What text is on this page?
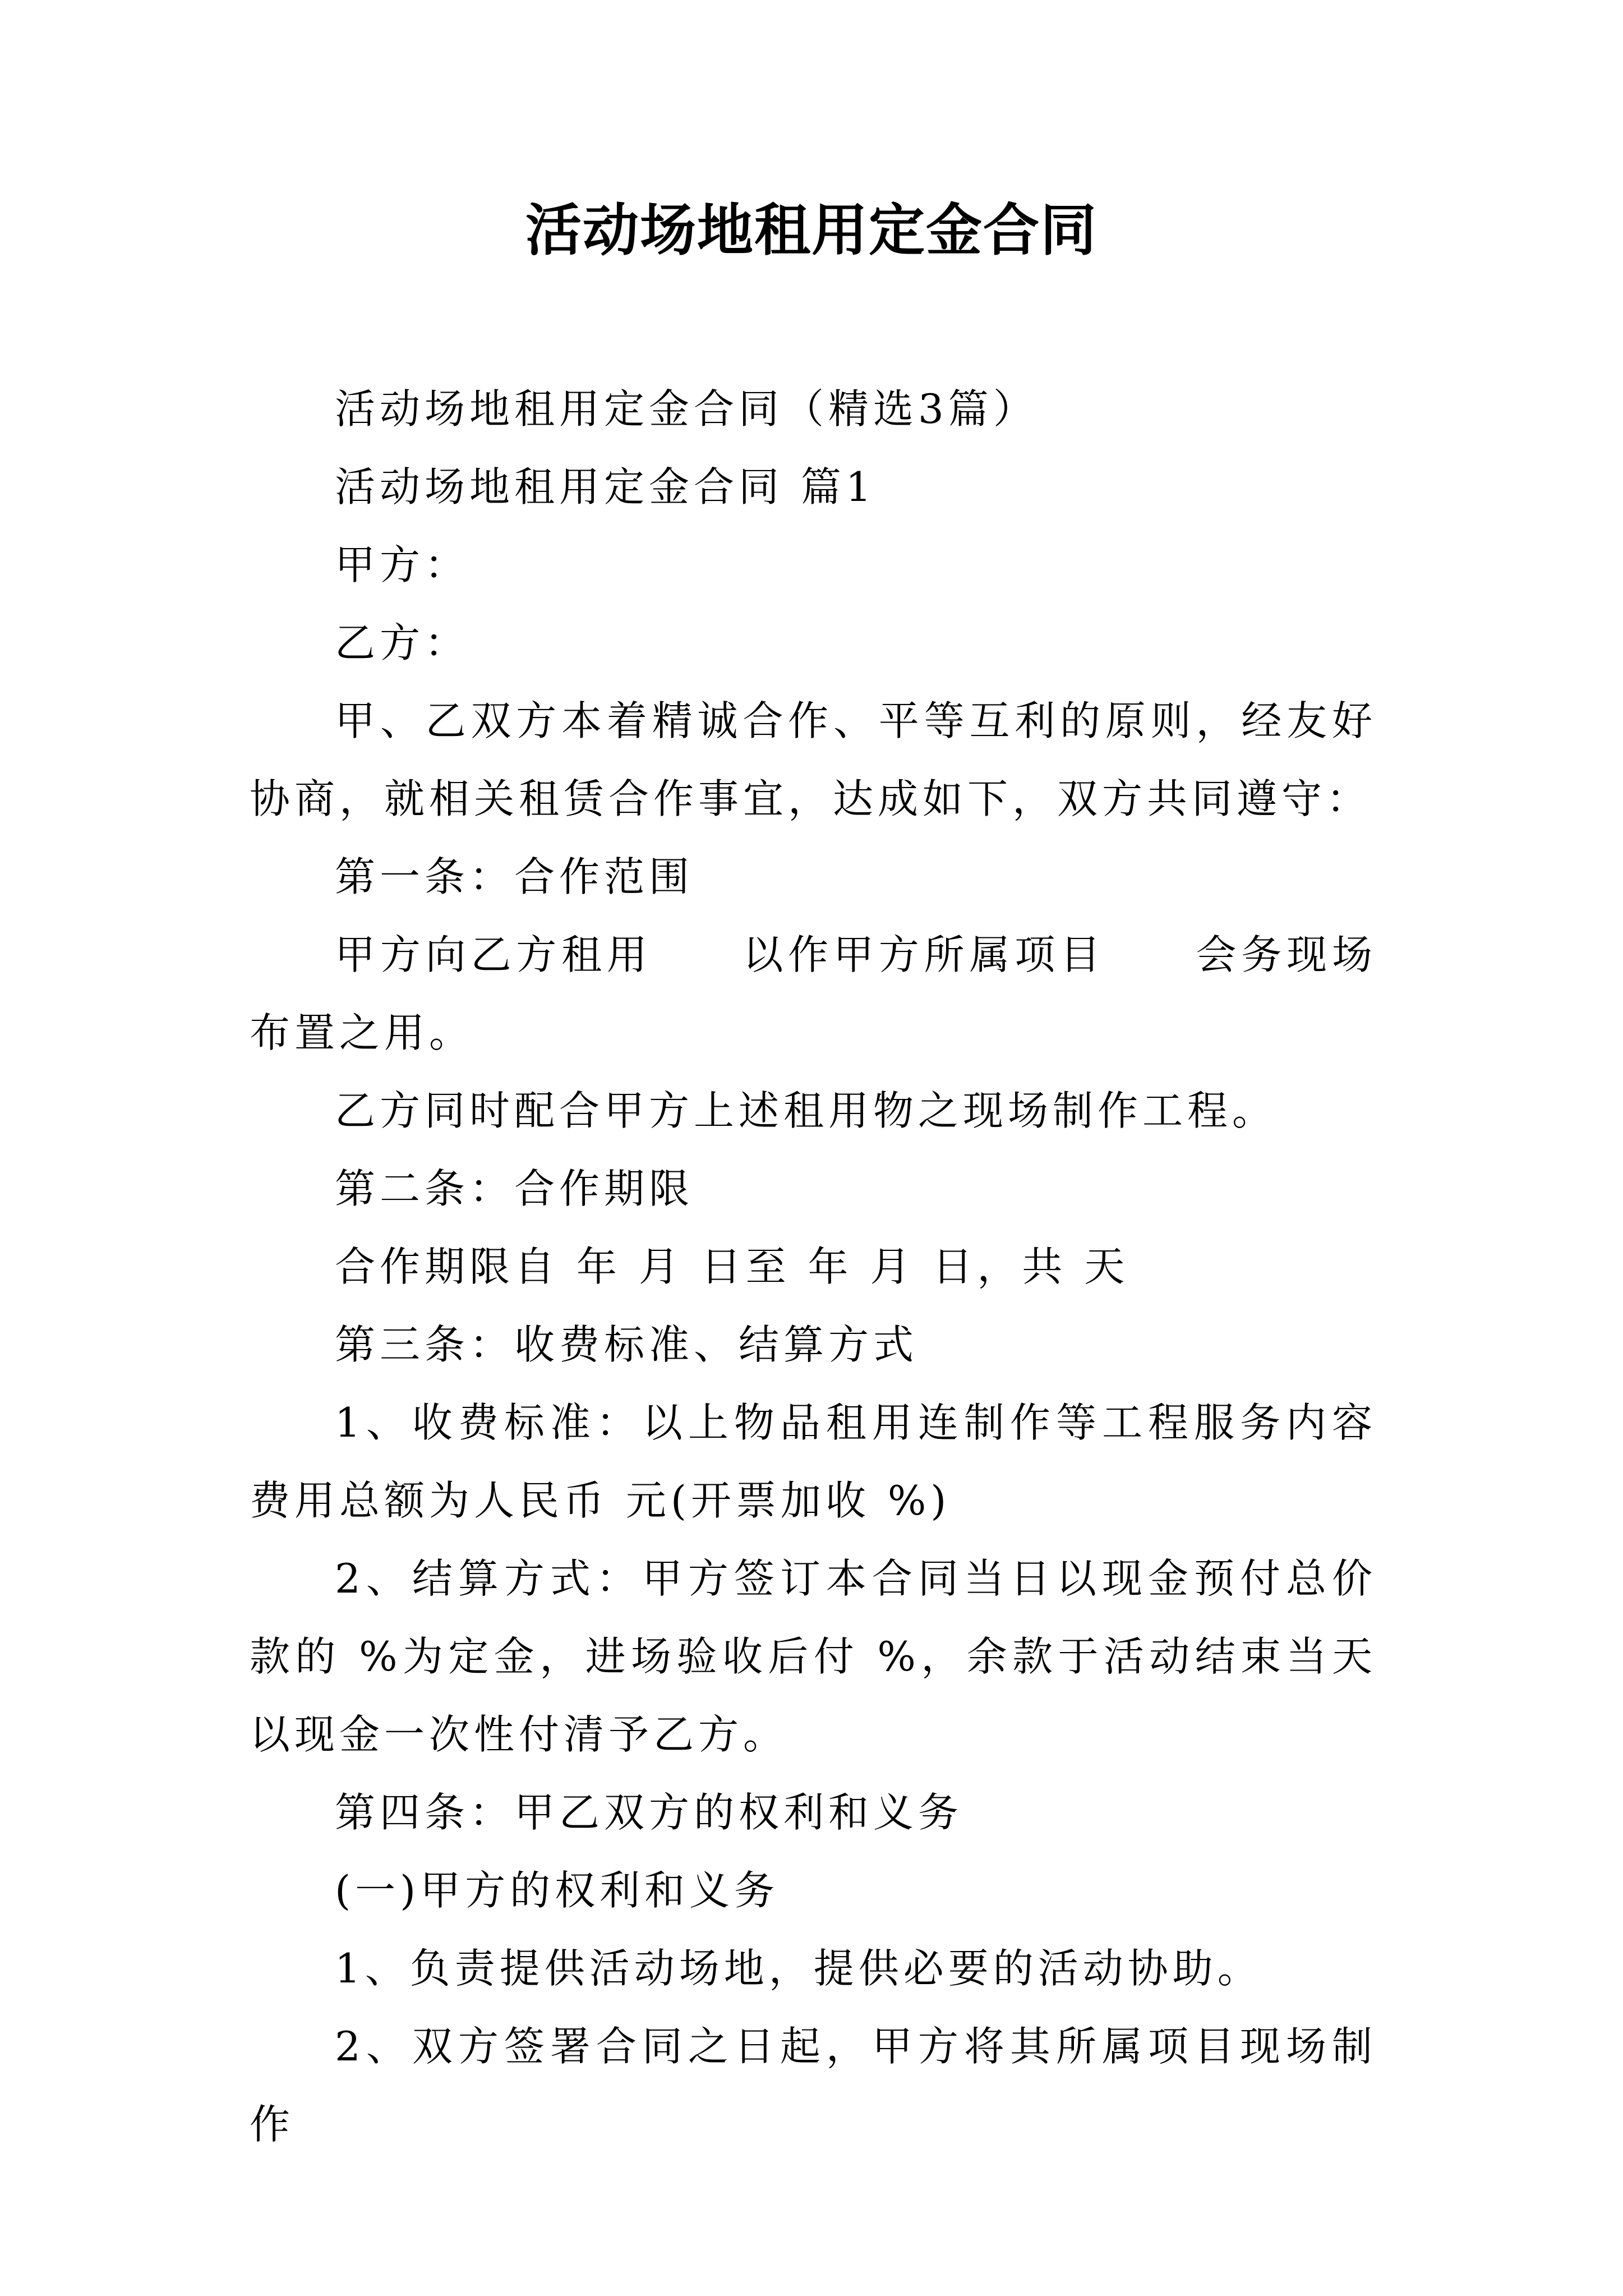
活动场地租用定金合同

活动场地租用定金合同（精选3篇）

活动场地租用定金合同 篇1

甲方：

乙方：

甲、乙双方本着精诚合作、平等互利的原则，经友好协商，就相关租赁合作事宜，达成如下，双方共同遵守：

第一条：合作范围

甲方向乙方租用　　以作甲方所属项目　　会务现场布置之用。

乙方同时配合甲方上述租用物之现场制作工程。

第二条：合作期限

合作期限自 年 月 日至 年 月 日，共 天

第三条：收费标准、结算方式

1、收费标准：以上物品租用连制作等工程服务内容费用总额为人民币 元(开票加收 %)

2、结算方式：甲方签订本合同当日以现金预付总价款的 %为定金，进场验收后付 %，余款于活动结束当天以现金一次性付清予乙方。

第四条：甲乙双方的权利和义务

(一)甲方的权利和义务

1、负责提供活动场地，提供必要的活动协助。

2、双方签署合同之日起，甲方将其所属项目现场制作
